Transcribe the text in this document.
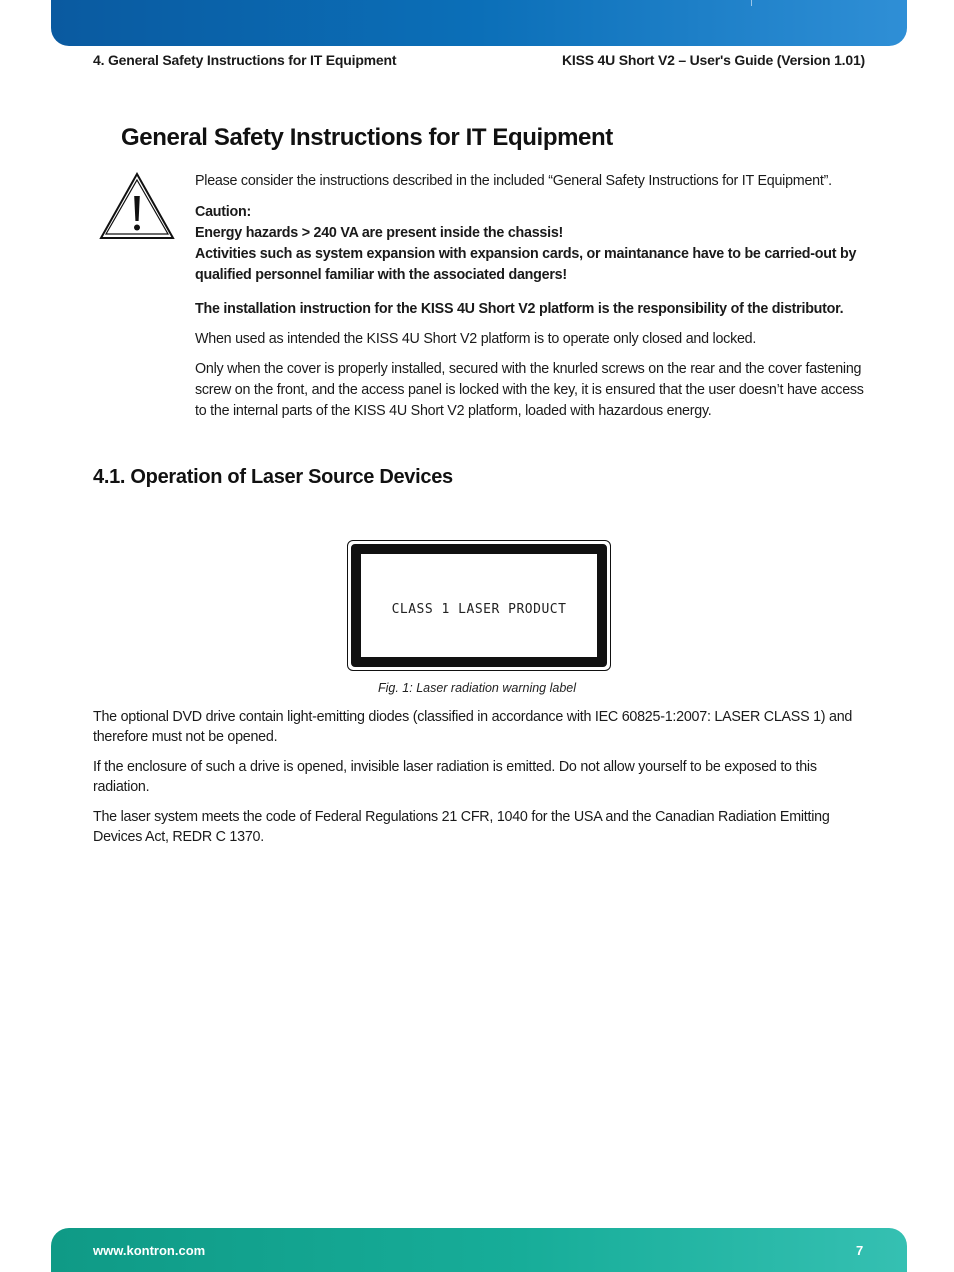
4. General Safety Instructions for IT Equipment	KISS 4U Short V2 – User's Guide (Version 1.01)
General Safety Instructions for IT Equipment
Please consider the instructions described in the included “General Safety Instructions for IT Equipment”.
Caution:
Energy hazards > 240 VA are present inside the chassis!
Activities such as system expansion with expansion cards, or maintanance have to be carried-out by qualified personnel familiar with the associated dangers!
The installation instruction for the KISS 4U Short V2 platform is the responsibility of the distributor.
When used as intended the KISS 4U Short V2 platform is to operate only closed and locked.
Only when the cover is properly installed, secured with the knurled screws on the rear and the cover fastening screw on the front, and the access panel is locked with the key, it is ensured that the user doesn’t have access to the internal parts of the KISS 4U Short V2 platform, loaded with hazardous energy.
4.1. Operation of Laser Source Devices
CLASS 1 LASER PRODUCT
Fig. 1: Laser radiation warning label
The optional DVD drive contain light-emitting diodes (classified in accordance with IEC 60825-1:2007: LASER CLASS 1) and therefore must not be opened.
If the enclosure of such a drive is opened, invisible laser radiation is emitted. Do not allow yourself to be exposed to this radiation.
The laser system meets the code of Federal Regulations 21 CFR, 1040 for the USA and the Canadian Radiation Emitting Devices Act, REDR C 1370.
www.kontron.com	7
